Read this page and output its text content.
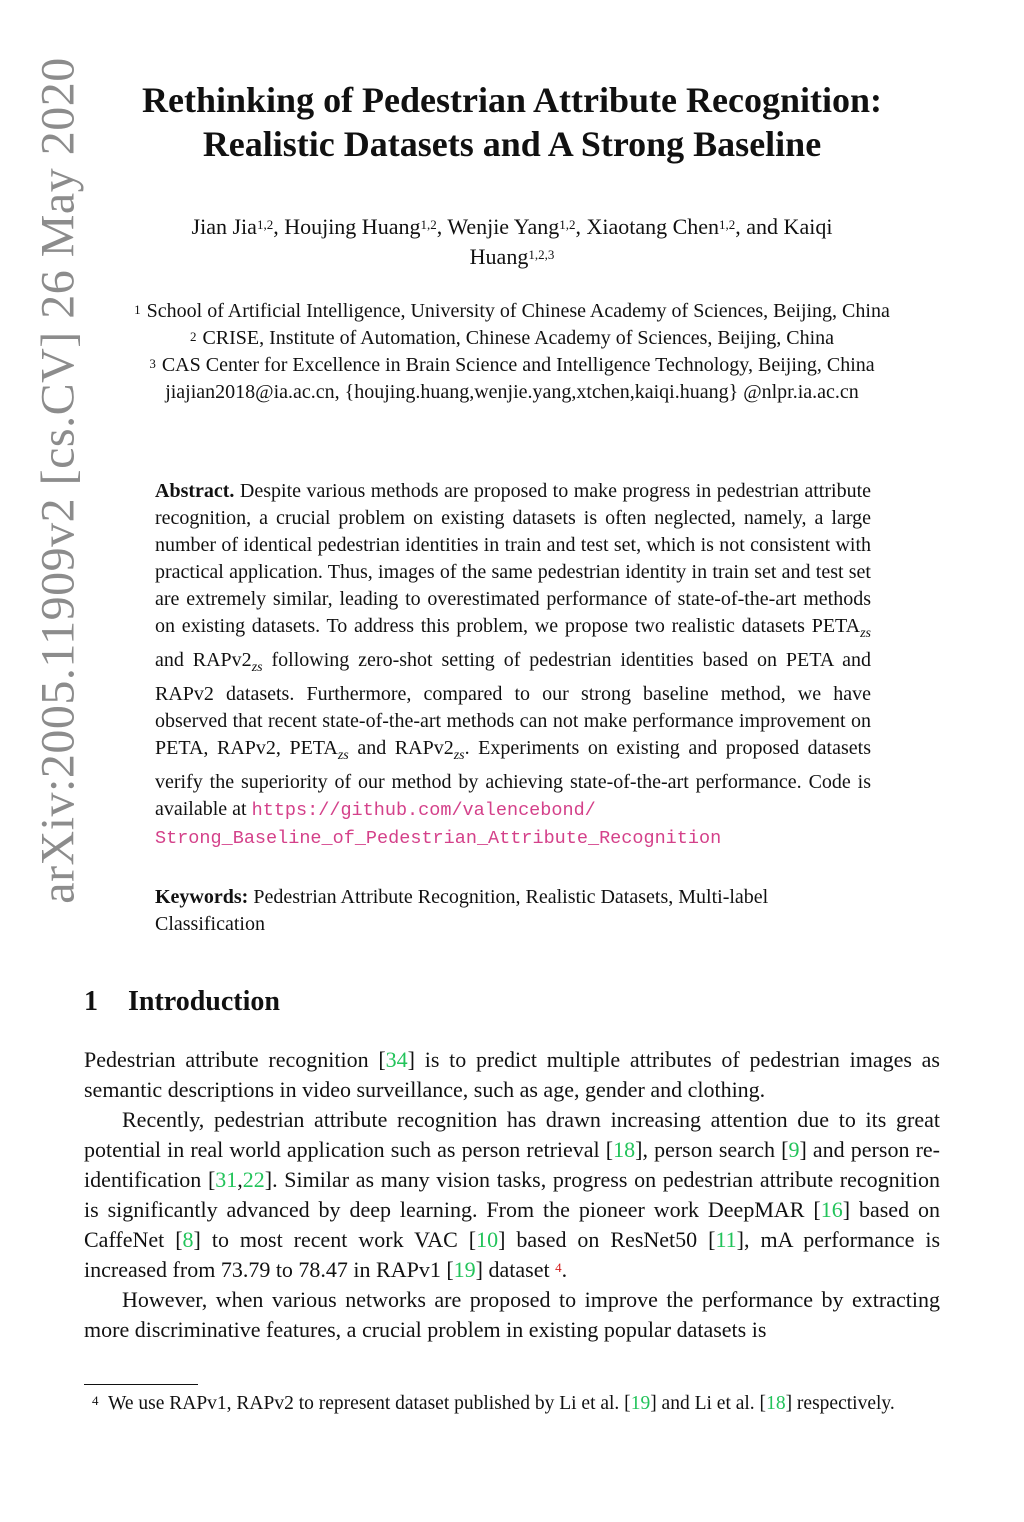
arXiv:2005.11909v2 [cs.CV] 26 May 2020	Rethinking of Pedestrian Attribute Recognition:
Realistic Datasets and A Strong Baseline
Jian Jia$^{1,2}$, Houjing Huang$^{1,2}$, Wenjie Yang$^{1,2}$, Xiaotang Chen$^{1,2}$, and Kaiqi
Huang$^{1,2,3}$
$^1$ School of Artificial Intelligence, University of Chinese Academy of Sciences, Beijing, China
$^2$ CRISE, Institute of Automation, Chinese Academy of Sciences, Beijing, China
$^3$ CAS Center for Excellence in Brain Science and Intelligence Technology, Beijing, China
jiajian2018@ia.ac.cn, {houjing.huang,wenjie.yang,xtchen,kaiqi.huang} @nlpr.ia.ac.cn
Abstract. Despite various methods are proposed to make progress in pedestrian attribute recognition, a crucial problem on existing datasets is often neglected, namely, a large number of identical pedestrian identities in train and test set, which is not consistent with practical application. Thus, images of the same pedestrian identity in train set and test set are extremely similar, leading to overestimated performance of state-of-the-art methods on existing datasets. To address this problem, we propose two realistic datasets $PETA_{zs}$ and $RAPv2_{zs}$ following zero-shot setting of pedestrian identities based on PETA and RAPv2 datasets. Furthermore, compared to our strong baseline method, we have observed that recent state-of-the-art methods can not make performance improvement on PETA, RAPv2, $PETA_{zs}$ and $RAPv2_{zs}$. Experiments on existing and proposed datasets verify the superiority of our method by achieving state-of-the-art performance. Code is available at https://github.com/valencebond/
Strong_Baseline_of_Pedestrian_Attribute_Recognition
Keywords: Pedestrian Attribute Recognition, Realistic Datasets, Multi-label Classification
1 Introduction

Pedestrian attribute recognition [34] is to predict multiple attributes of pedestrian images as semantic descriptions in video surveillance, such as age, gender and clothing.

Recently, pedestrian attribute recognition has drawn increasing attention due to its great potential in real world application such as person retrieval [18], person search [9] and person re-identification [31,22]. Similar as many vision tasks, progress on pedestrian attribute recognition is significantly advanced by deep learning. From the pioneer work DeepMAR [16] based on CaffeNet [8] to most recent work VAC [10] based on ResNet50 [11], mA performance is increased from 73.79 to 78.47 in RAPv1 [19] dataset $^4$.

However, when various networks are proposed to improve the performance by extracting more discriminative features, a crucial problem in existing popular datasets is

4 We use RAPv1, RAPv2 to represent dataset published by Li et al. [19] and Li et al. [18] respectively.
